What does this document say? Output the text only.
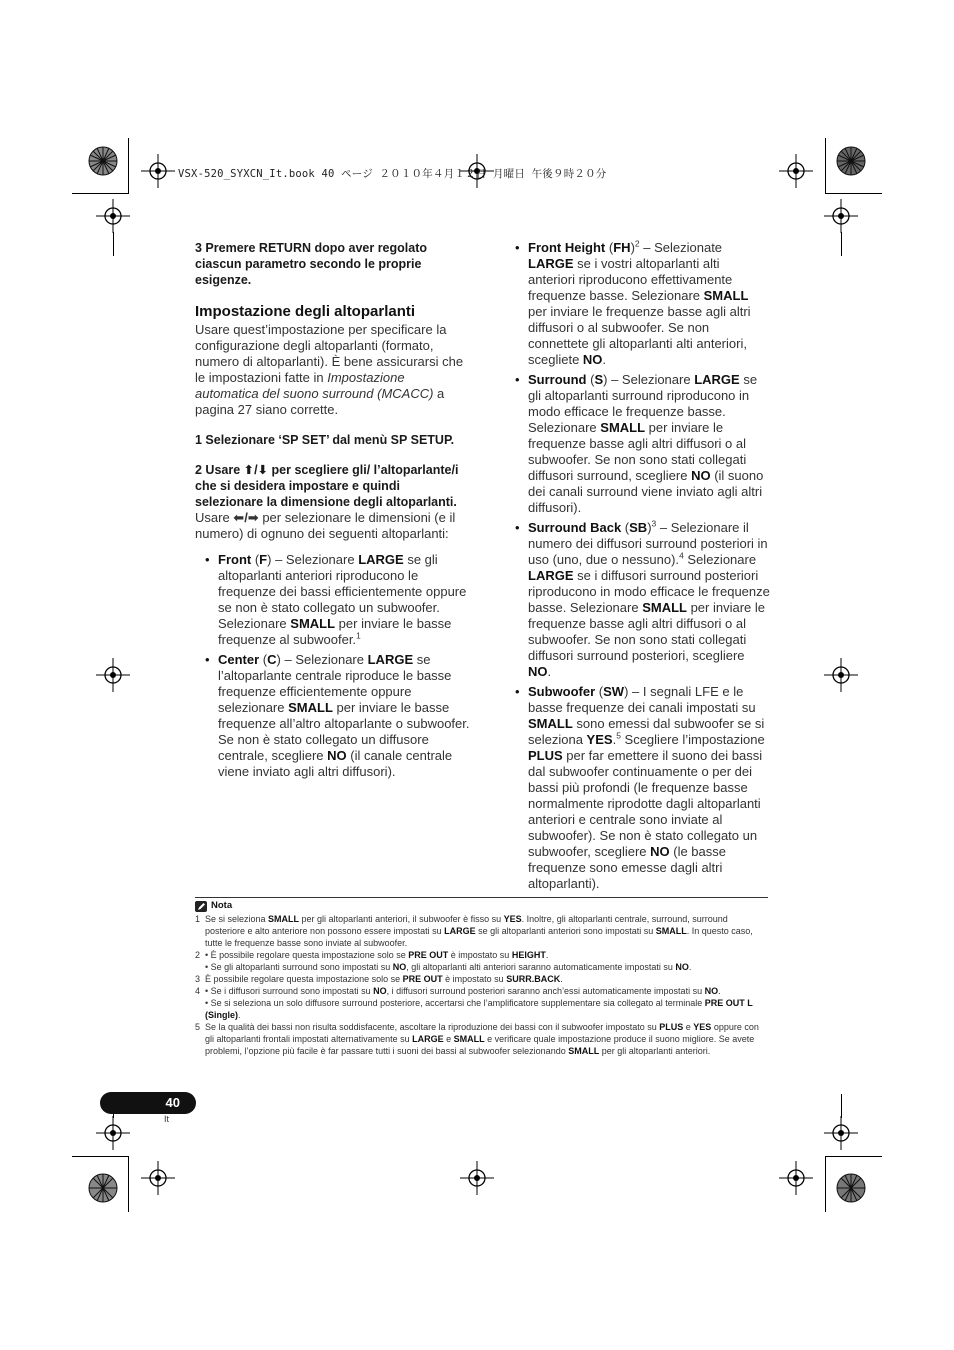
VSX-520_SYXCN_It.book 40 ページ ２０１０年４月１２日 月曜日 午後９時２０分
3 Premere RETURN dopo aver regolato ciascun parametro secondo le proprie esigenze.
Impostazione degli altoparlanti
Usare quest’impostazione per specificare la configurazione degli altoparlanti (formato, numero di altoparlanti). È bene assicurarsi che le impostazioni fatte in Impostazione automatica del suono surround (MCACC) a pagina 27 siano corrette.
1 Selezionare ‘SP SET’ dal menù SP SETUP.
2 Usare ⬆/⬇ per scegliere gli/ l’altoparlante/i che si desidera impostare e quindi selezionare la dimensione degli altoparlanti.
Usare ⬅/➡ per selezionare le dimensioni (e il numero) di ognuno dei seguenti altoparlanti:
• Front (F) – Selezionare LARGE se gli altoparlanti anteriori riproducono le frequenze dei bassi efficientemente oppure se non è stato collegato un subwoofer. Selezionare SMALL per inviare le basse frequenze al subwoofer.$^1$
• Center (C) – Selezionare LARGE se l’altoparlante centrale riproduce le basse frequenze efficientemente oppure selezionare SMALL per inviare le basse frequenze all’altro altoparlante o subwoofer. Se non è stato collegato un diffusore centrale, scegliere NO (il canale centrale viene inviato agli altri diffusori).
• Front Height (FH)$^2$ – Selezionate LARGE se i vostri altoparlanti alti anteriori riproducono effettivamente frequenze basse. Selezionare SMALL per inviare le frequenze basse agli altri diffusori o al subwoofer. Se non connettete gli altoparlanti alti anteriori, scegliete NO.
• Surround (S) – Selezionare LARGE se gli altoparlanti surround riproducono in modo efficace le frequenze basse. Selezionare SMALL per inviare le frequenze basse agli altri diffusori o al subwoofer. Se non sono stati collegati diffusori surround, scegliere NO (il suono dei canali surround viene inviato agli altri diffusori).
• Surround Back (SB)$^3$ – Selezionare il numero dei diffusori surround posteriori in uso (uno, due o nessuno).$^4$ Selezionare LARGE se i diffusori surround posteriori riproducono in modo efficace le frequenze basse. Selezionare SMALL per inviare le frequenze basse agli altri diffusori o al subwoofer. Se non sono stati collegati diffusori surround posteriori, scegliere NO.
• Subwoofer (SW) – I segnali LFE e le basse frequenze dei canali impostati su SMALL sono emessi dal subwoofer se si seleziona YES.$^5$ Scegliere l’impostazione PLUS per far emettere il suono dei bassi dal subwoofer continuamente o per dei bassi più profondi (le frequenze basse normalmente riprodotte dagli altoparlanti anteriori e centrale sono inviate al subwoofer). Se non è stato collegato un subwoofer, scegliere NO (le basse frequenze sono emesse dagli altri altoparlanti).
Nota
1 Se si seleziona SMALL per gli altoparlanti anteriori, il subwoofer è fisso su YES. Inoltre, gli altoparlanti centrale, surround, surround posteriore e alto anteriore non possono essere impostati su LARGE se gli altoparlanti anteriori sono impostati su SMALL. In questo caso, tutte le frequenze basse sono inviate al subwoofer.
2 • È possibile regolare questa impostazione solo se PRE OUT è impostato su HEIGHT.
• Se gli altoparlanti surround sono impostati su NO, gli altoparlanti alti anteriori saranno automaticamente impostati su NO.
3 È possibile regolare questa impostazione solo se PRE OUT è impostato su SURR.BACK.
4 • Se i diffusori surround sono impostati su NO, i diffusori surround posteriori saranno anch’essi automaticamente impostati su NO.
• Se si seleziona un solo diffusore surround posteriore, accertarsi che l’amplificatore supplementare sia collegato al terminale PRE OUT L (Single).
5 Se la qualità dei bassi non risulta soddisfacente, ascoltare la riproduzione dei bassi con il subwoofer impostato su PLUS e YES oppure con gli altoparlanti frontali impostati alternativamente su LARGE e SMALL e verificare quale impostazione produce il suono migliore. Se avete problemi, l’opzione più facile è far passare tutti i suoni dei bassi al subwoofer selezionando SMALL per gli altoparlanti anteriori.
40
It
